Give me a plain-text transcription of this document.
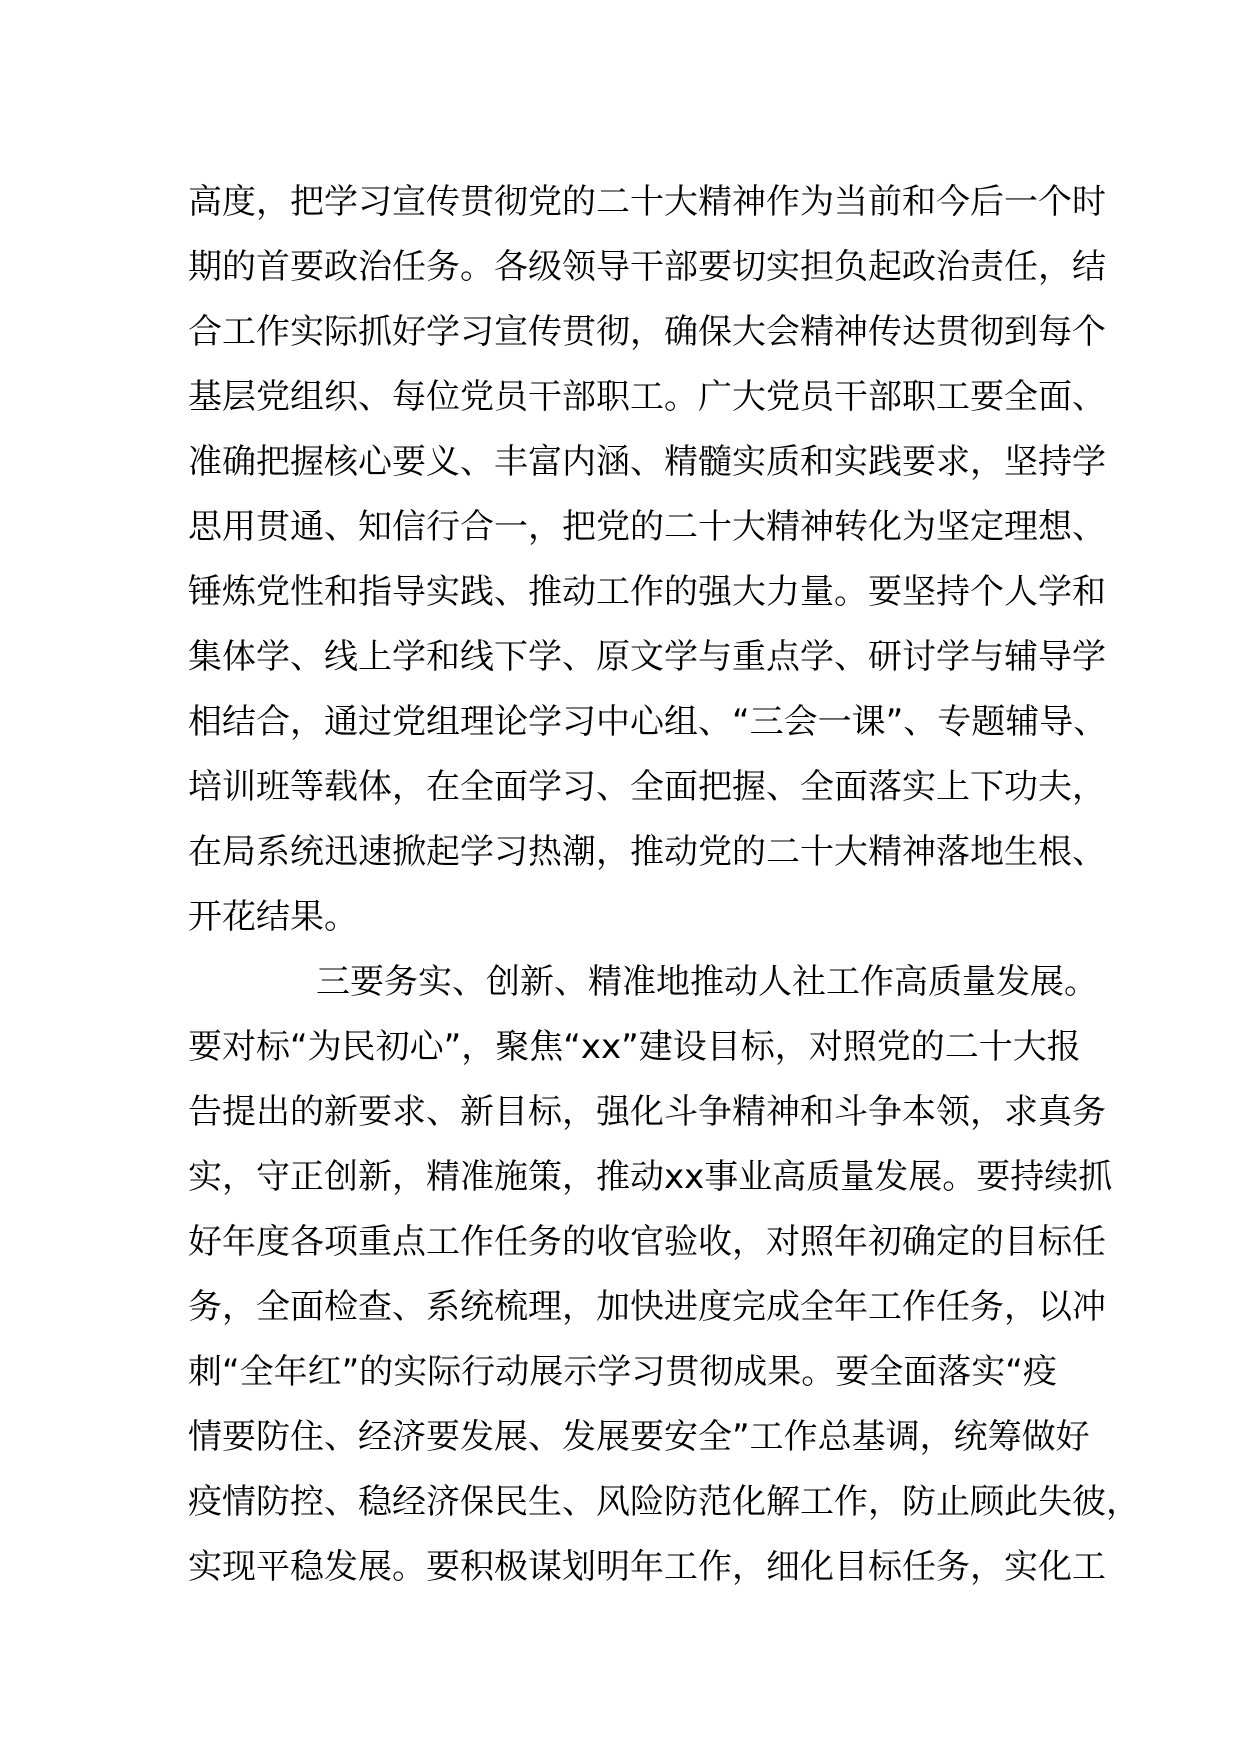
高度，把学习宣传贯彻党的二十大精神作为当前和今后一个时
期的首要政治任务。各级领导干部要切实担负起政治责任，结
合工作实际抓好学习宣传贯彻，确保大会精神传达贯彻到每个
基层党组织、每位党员干部职工。广大党员干部职工要全面、
准确把握核心要义、丰富内涵、精髓实质和实践要求，坚持学
思用贯通、知信行合一，把党的二十大精神转化为坚定理想、
锤炼党性和指导实践、推动工作的强大力量。要坚持个人学和
集体学、线上学和线下学、原文学与重点学、研讨学与辅导学
相结合，通过党组理论学习中心组、“三会一课”、专题辅导、
培训班等载体，在全面学习、全面把握、全面落实上下功夫，
在局系统迅速掀起学习热潮，推动党的二十大精神落地生根、
开花结果。
三要务实、创新、精准地推动人社工作高质量发展。
要对标“为民初心”，聚焦“xx”建设目标，对照党的二十大报
告提出的新要求、新目标，强化斗争精神和斗争本领，求真务
实，守正创新，精准施策，推动xx事业高质量发展。要持续抓
好年度各项重点工作任务的收官验收，对照年初确定的目标任
务，全面检查、系统梳理，加快进度完成全年工作任务，以冲
刺“全年红”的实际行动展示学习贯彻成果。要全面落实“疫
情要防住、经济要发展、发展要安全”工作总基调，统筹做好
疫情防控、稳经济保民生、风险防范化解工作，防止顾此失彼，
实现平稳发展。要积极谋划明年工作，细化目标任务，实化工
